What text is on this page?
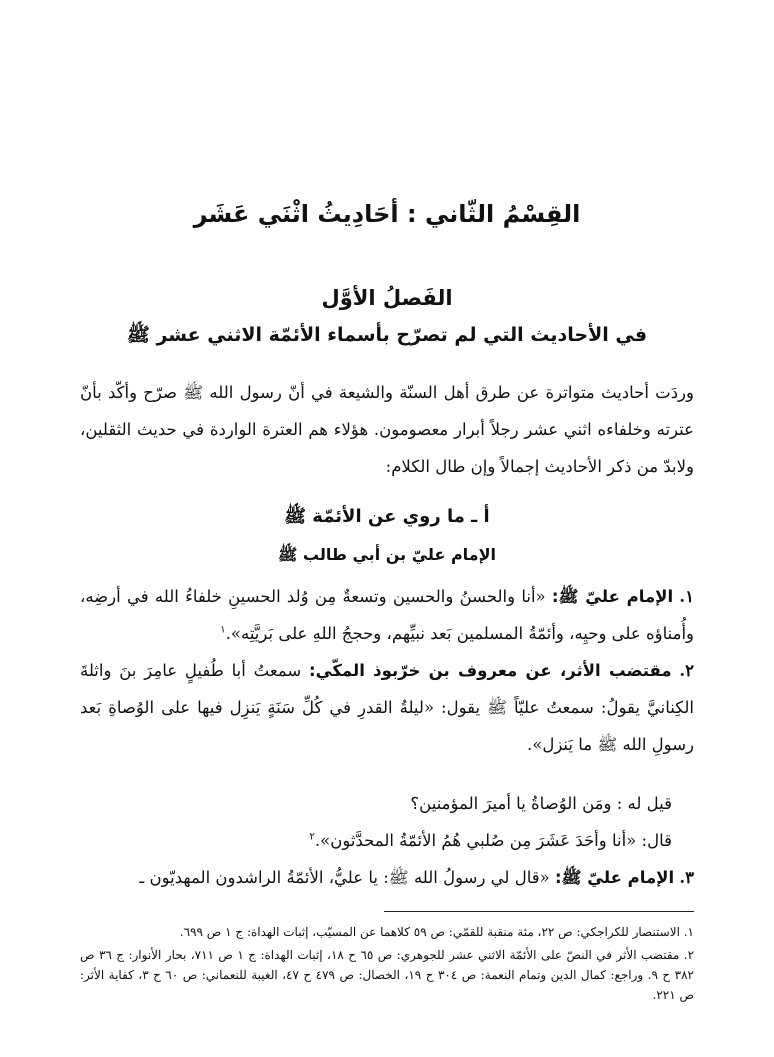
القِسْمُ الثّاني : أحَادِيثُ اثْنَي عَشَر
الفَصلُ الأوَّل
في الأحاديث التي لم تصرّح بأسماء الأئمّة الاثني عشر ﷺ

وردَت أحاديث متواترة عن طرق أهل السنّة والشيعة في أنّ رسول الله ﷺ صرّح وأكّد بأنّ عترته وخلفاءه اثني عشر رجلاً أبرار معصومون. هؤلاء هم العترة الواردة في حديث الثقلين، ولابدّ من ذكر الأحاديث إجمالاً وإن طال الكلام:

أ ـ ما روي عن الأئمّة ﷺ
الإمام عليّ بن أبي طالب ﷺ

١. الإمام عليّ ﷺ: «أنا والحسنُ والحسين وتسعةٌ مِن وُلد الحسينِ خلفاءُ الله في أرضِه، وأُمناؤه على وحيِه، وأئمّةُ المسلمين بَعد نبيِّهم، وحججُ اللهِ على بَريَّتِه».$^١$

٢. مقتضب الأثر، عن معروف بن خرّبوذ المكّي: سمعتُ أبا طُفيلٍ عامِرَ بنَ واثلةَ الكِنانيَّ يقولُ: سمعتُ عليّاً ﷺ يقول: «ليلةُ القدرِ في كُلِّ سَنَةٍ يَنزِل فيها على الوُصاةِ بَعد رسولِ الله ﷺ ما يَنزل».

قيل له : ومَن الوُصاةُ يا أميرَ المؤمنين؟
قال: «أنا وأحَدَ عَشَرَ مِن صُلبي هُمُ الأئمّةُ المحدَّثون».$^٢$

٣. الإمام عليّ ﷺ: «قال لي رسولُ الله ﷺ: يا عليُّ، الأئمّةُ الراشدون المهديّون ـ

١. الاستنصار للكراجكي: ص ٢٢، مئة منقبة للقمّي: ص ٥٩ كلاهما عن المسيّب، إثبات الهداة: ج ١ ص ٦٩٩.

٢. مقتضب الأثر في النصّ على الأئمّة الاثني عشر للجوهري: ص ٦٥ ح ١٨، إثبات الهداة: ج ١ ص ٧١١، بحار الأنوار: ج ٣٦ ص ٣٨٢ ح ٩. وراجع: كمال الدين وتمام النعمة: ص ٣٠٤ ح ١٩، الخصال: ص ٤٧٩ ح ٤٧، الغيبة للنعماني: ص ٦٠ ح ٣، كفاية الأثر: ص ٢٢١.
